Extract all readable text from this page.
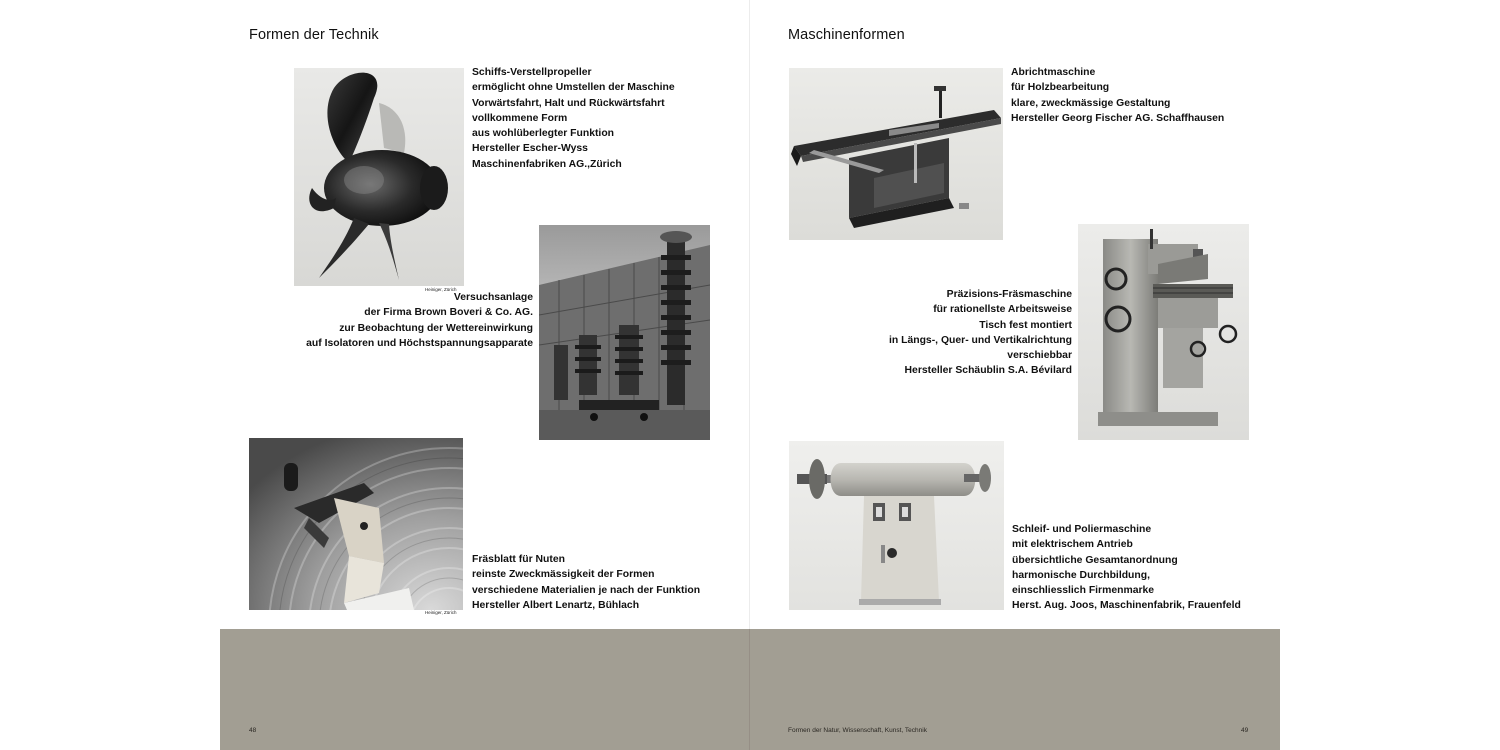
Formen der Technik
Heiniger, Zürich
Schiffs-Verstellpropeller
ermöglicht ohne Umstellen der Maschine
Vorwärtsfahrt, Halt und Rückwärtsfahrt
vollkommene Form
aus wohlüberlegter Funktion
Hersteller Escher-Wyss
Maschinenfabriken AG.,Zürich
Versuchsanlage
der Firma Brown Boveri & Co. AG.
zur Beobachtung der Wettereinwirkung
auf Isolatoren und Höchstspannungsapparate
Heiniger, Zürich
Fräsblatt für Nuten
reinste Zweckmässigkeit der Formen
verschiedene Materialien je nach der Funktion
Hersteller Albert Lenartz, Bühlach
48
Maschinenformen
Abrichtmaschine
für Holzbearbeitung
klare, zweckmässige Gestaltung
Hersteller Georg Fischer AG. Schaffhausen
Präzisions-Fräsmaschine
für rationellste Arbeitsweise
Tisch fest montiert
in Längs-, Quer- und Vertikalrichtung
verschiebbar
Hersteller Schäublin S.A. Bévilard
Schleif- und Poliermaschine
mit elektrischem Antrieb
übersichtliche Gesamtanordnung
harmonische Durchbildung,
einschliesslich Firmenmarke
Herst. Aug. Joos, Maschinenfabrik, Frauenfeld
Formen der Natur, Wissenschaft, Kunst, Technik	49
